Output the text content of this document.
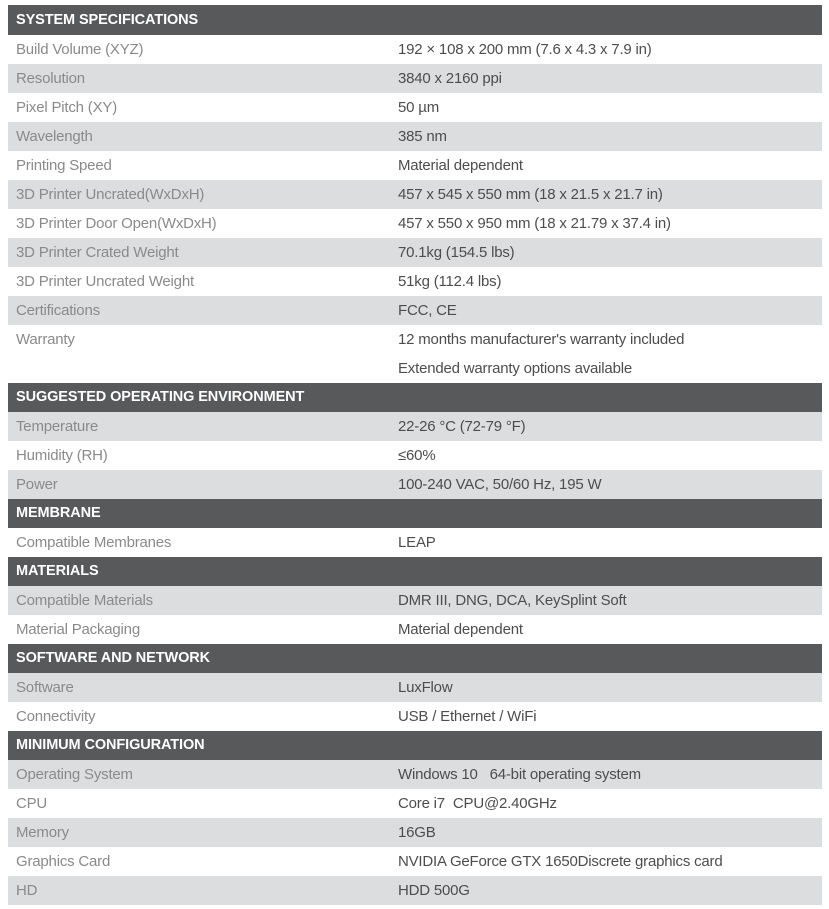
SYSTEM SPECIFICATIONS
Build Volume (XYZ)	192 × 108 x 200 mm (7.6 x 4.3 x 7.9 in)
Resolution	3840 x 2160 ppi
Pixel Pitch (XY)	50 µm
Wavelength	385 nm
Printing Speed	Material dependent
3D Printer Uncrated(WxDxH)	457 x 545 x 550 mm (18 x 21.5 x 21.7 in)
3D Printer Door Open(WxDxH)	457 x 550 x 950 mm (18 x 21.79 x 37.4 in)
3D Printer Crated Weight	70.1kg (154.5 lbs)
3D Printer Uncrated Weight	51kg (112.4 lbs)
Certifications	FCC, CE
Warranty	12 months manufacturer's warranty included
Extended warranty options available
SUGGESTED OPERATING ENVIRONMENT
Temperature	22-26 °C (72-79 °F)
Humidity (RH)	≤60%
Power	100-240 VAC, 50/60 Hz, 195 W
MEMBRANE
Compatible Membranes	LEAP
MATERIALS
Compatible Materials	DMR III, DNG, DCA, KeySplint Soft
Material Packaging	Material dependent
SOFTWARE AND NETWORK
Software	LuxFlow
Connectivity	USB / Ethernet / WiFi
MINIMUM CONFIGURATION
Operating System	Windows 10   64-bit operating system
CPU	Core i7  CPU@2.40GHz
Memory	16GB
Graphics Card	NVIDIA GeForce GTX 1650Discrete graphics card
HD	HDD 500G
